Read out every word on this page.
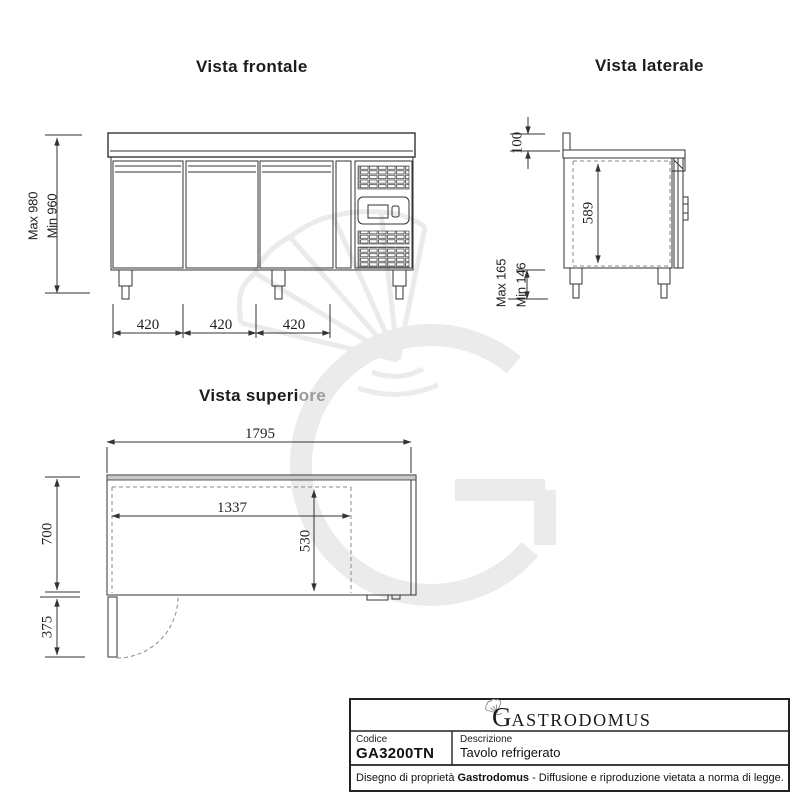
Vista frontale	Vista laterale
Vista superiore
Max 980 Min 960
420	420	420
100
589
Max 165 Min 146
1795
1337
530
700
375
GASTRODOMUS
Codice
GA3200TN
Descrizione
Tavolo refrigerato
Disegno di proprietà Gastrodomus - Diffusione e riproduzione vietata a norma di legge.
